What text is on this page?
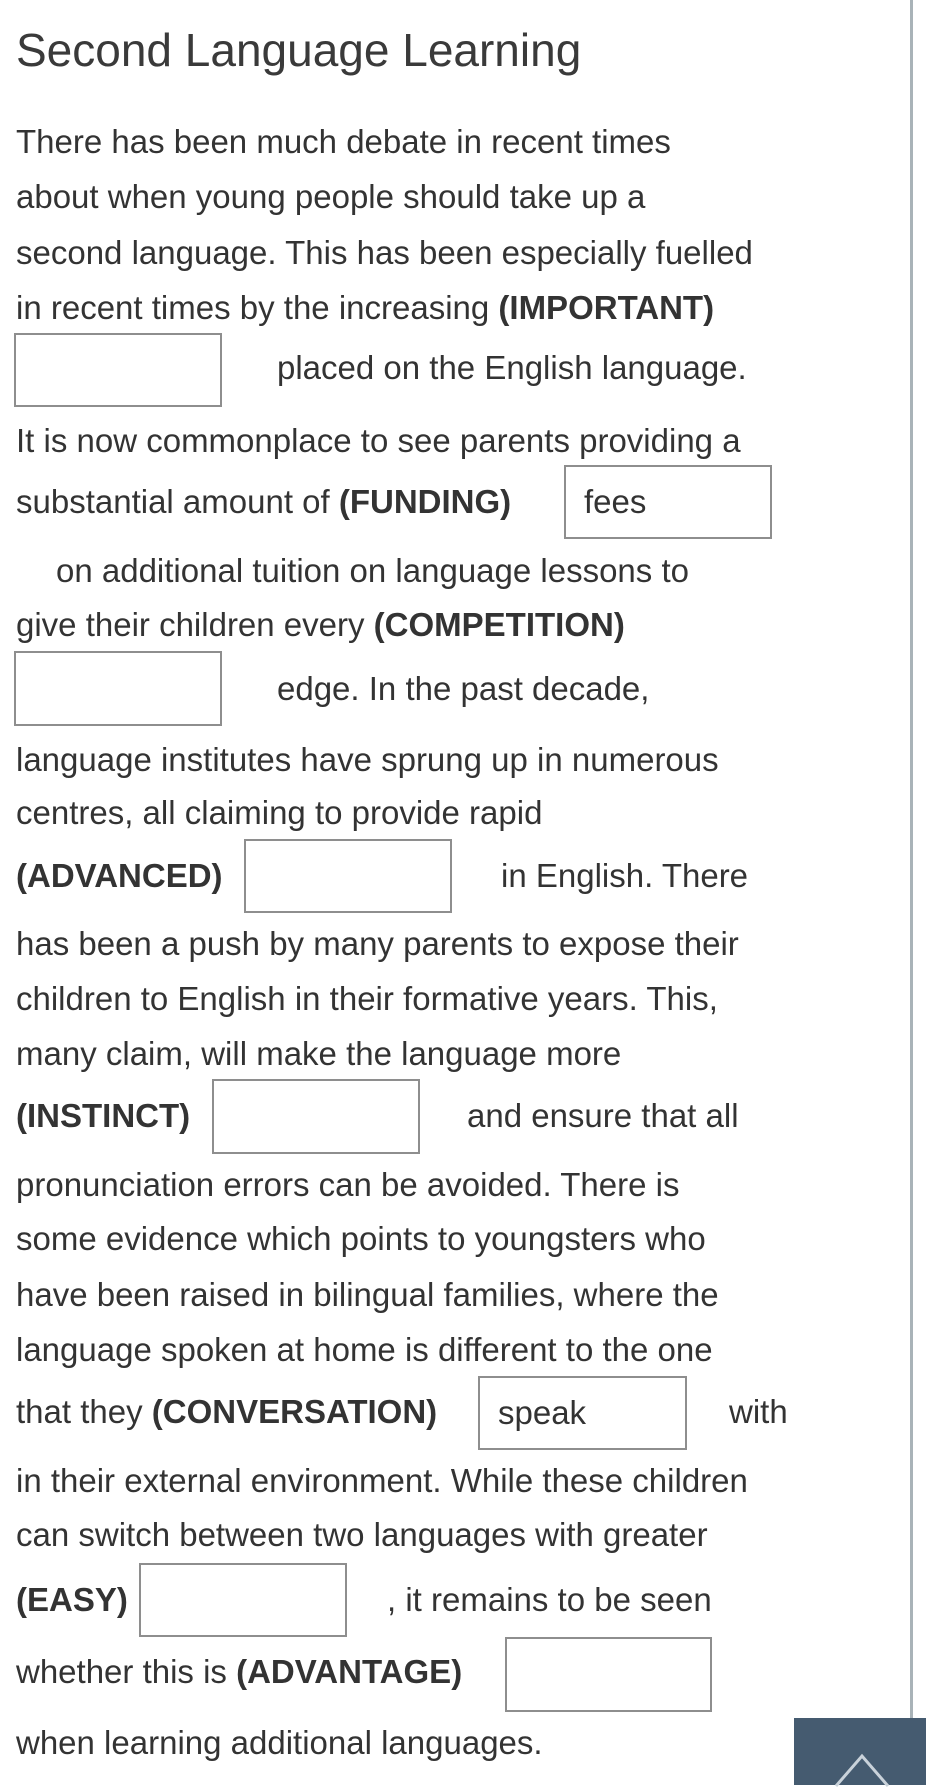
Second Language Learning
There has been much debate in recent times
about when young people should take up a
second language. This has been especially fuelled
in recent times by the increasing (IMPORTANT)
placed on the English language.
It is now commonplace to see parents providing a
substantial amount of (FUNDING)
fees
on additional tuition on language lessons to
give their children every (COMPETITION)
edge. In the past decade,
language institutes have sprung up in numerous
centres, all claiming to provide rapid
(ADVANCED)	in English. There
has been a push by many parents to expose their
children to English in their formative years. This,
many claim, will make the language more
(INSTINCT)	and ensure that all
pronunciation errors can be avoided. There is
some evidence which points to youngsters who
have been raised in bilingual families, where the
language spoken at home is different to the one
that they (CONVERSATION)
speak	with
in their external environment. While these children
can switch between two languages with greater
(EASY)	, it remains to be seen
whether this is (ADVANTAGE)
when learning additional languages.
